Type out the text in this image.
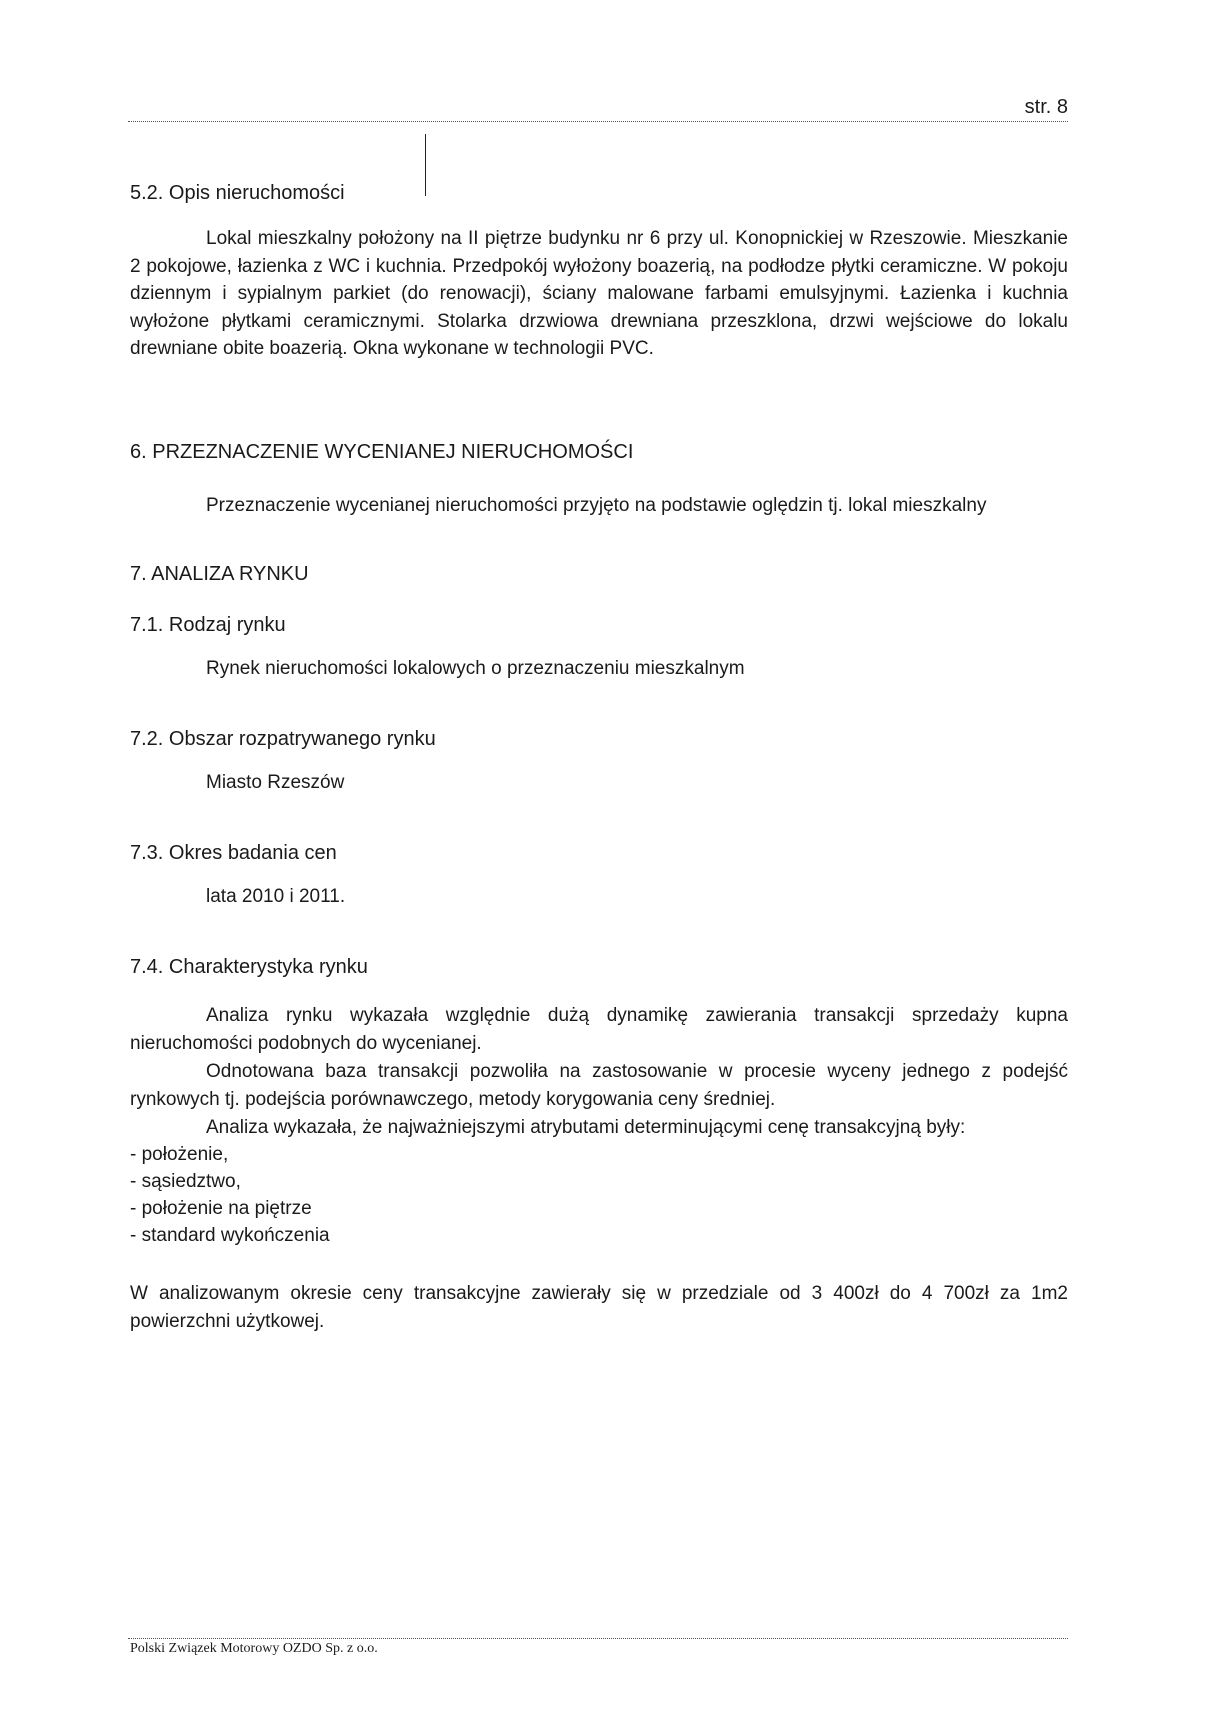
str. 8
5.2. Opis nieruchomości
Lokal mieszkalny położony na II piętrze budynku nr 6 przy ul. Konopnickiej w Rzeszowie. Mieszkanie 2 pokojowe, łazienka z WC i kuchnia. Przedpokój wyłożony boazerią, na podłodze płytki ceramiczne. W pokoju dziennym i sypialnym parkiet (do renowacji), ściany malowane farbami emulsyjnymi. Łazienka i kuchnia wyłożone płytkami ceramicznymi. Stolarka drzwiowa drewniana przeszklona, drzwi wejściowe do lokalu drewniane obite boazerią. Okna wykonane w technologii PVC.
6. PRZEZNACZENIE WYCENIANEJ NIERUCHOMOŚCI
Przeznaczenie wycenianej nieruchomości przyjęto na podstawie oględzin tj. lokal mieszkalny
7. ANALIZA RYNKU
7.1. Rodzaj rynku
Rynek nieruchomości lokalowych o przeznaczeniu mieszkalnym
7.2. Obszar rozpatrywanego rynku
Miasto Rzeszów
7.3. Okres badania cen
lata 2010 i 2011.
7.4. Charakterystyka rynku
Analiza rynku wykazała względnie dużą dynamikę zawierania transakcji sprzedaży kupna nieruchomości podobnych do wycenianej.
Odnotowana baza transakcji pozwoliła na zastosowanie w procesie wyceny jednego z podejść rynkowych tj. podejścia porównawczego, metody korygowania ceny średniej.
Analiza wykazała, że najważniejszymi atrybutami determinującymi cenę transakcyjną były:
- położenie,
- sąsiedztwo,
- położenie na piętrze
- standard wykończenia
W analizowanym okresie ceny transakcyjne zawierały się w przedziale od 3 400zł do 4 700zł za 1m2 powierzchni użytkowej.
Polski Związek Motorowy OZDO Sp. z o.o.
